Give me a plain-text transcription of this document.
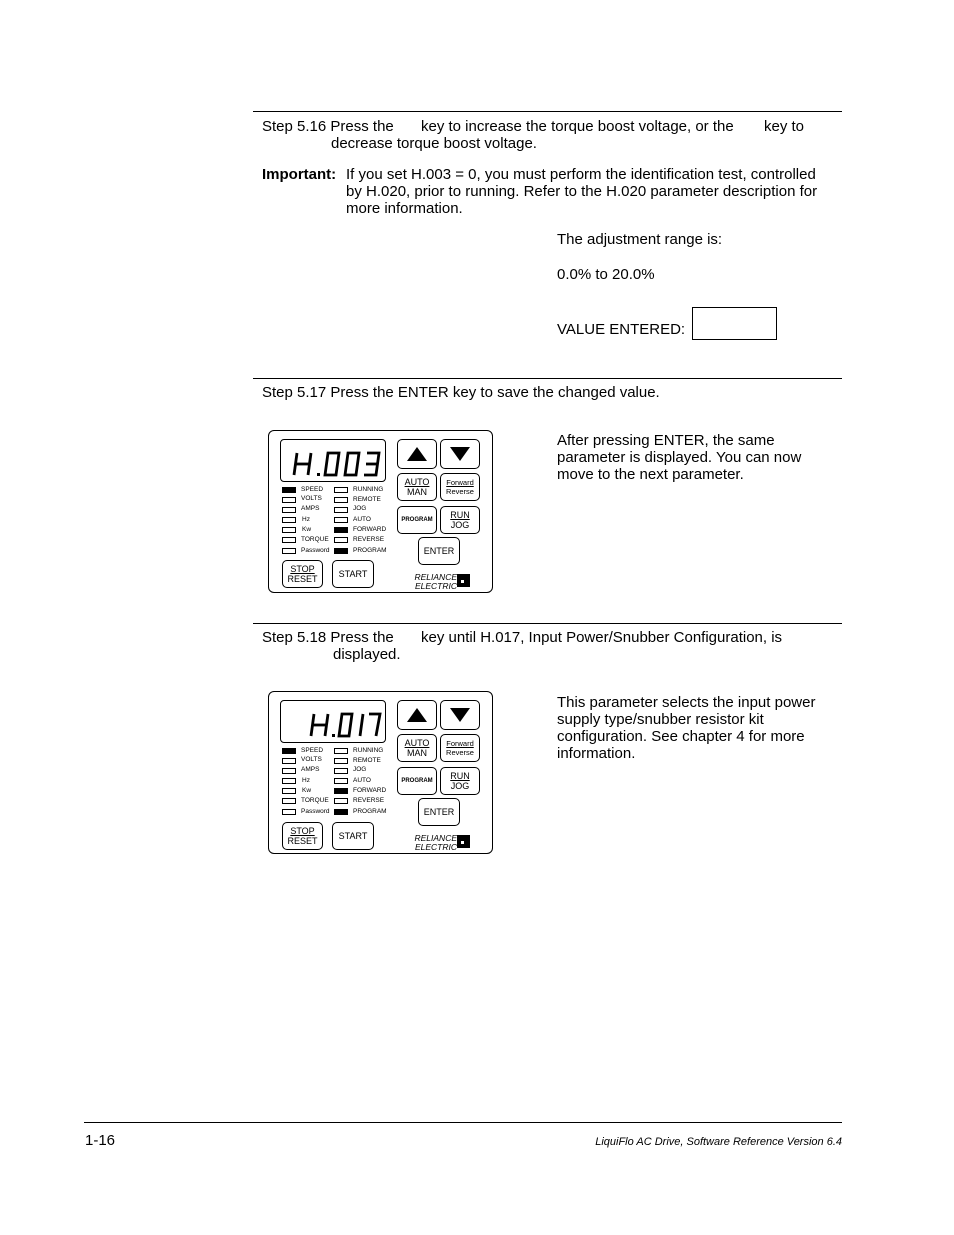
Step 5.16 Press the key to increase the torque boost voltage, or the key to
decrease torque boost voltage.
Important: If you set H.003 = 0, you must perform the identification test, controlled
by H.020, prior to running. Refer to the H.020 parameter description for
more information.
The adjustment range is:
0.0% to 20.0%
VALUE ENTERED:
Step 5.17 Press the ENTER key to save the changed value.
AUTO
MAN
Forward
Reverse
PROGRAM RUN
JOG
ENTER
STOP
RESET START	RELIANCE
ELECTRIC
SPEED
VOLTS
AMPS
Hz
Kw
TORQUE
Password
RUNNING
REMOTE
JOG
AUTO
FORWARD
REVERSE
PROGRAM
After pressing ENTER, the same
parameter is displayed. You can now
move to the next parameter.
Step 5.18 Press the key until H.017, Input Power/Snubber Configuration, is
displayed.
AUTO
MAN
Forward
Reverse
PROGRAM RUN
JOG
ENTER
STOP
RESET START	RELIANCE
ELECTRIC
SPEED
VOLTS
AMPS
Hz
Kw
TORQUE
Password
RUNNING
REMOTE
JOG
AUTO
FORWARD
REVERSE
PROGRAM
This parameter selects the input power
supply type/snubber resistor kit
configuration. See chapter 4 for more
information.
1-16	LiquiFlo AC Drive, Software Reference Version 6.4
